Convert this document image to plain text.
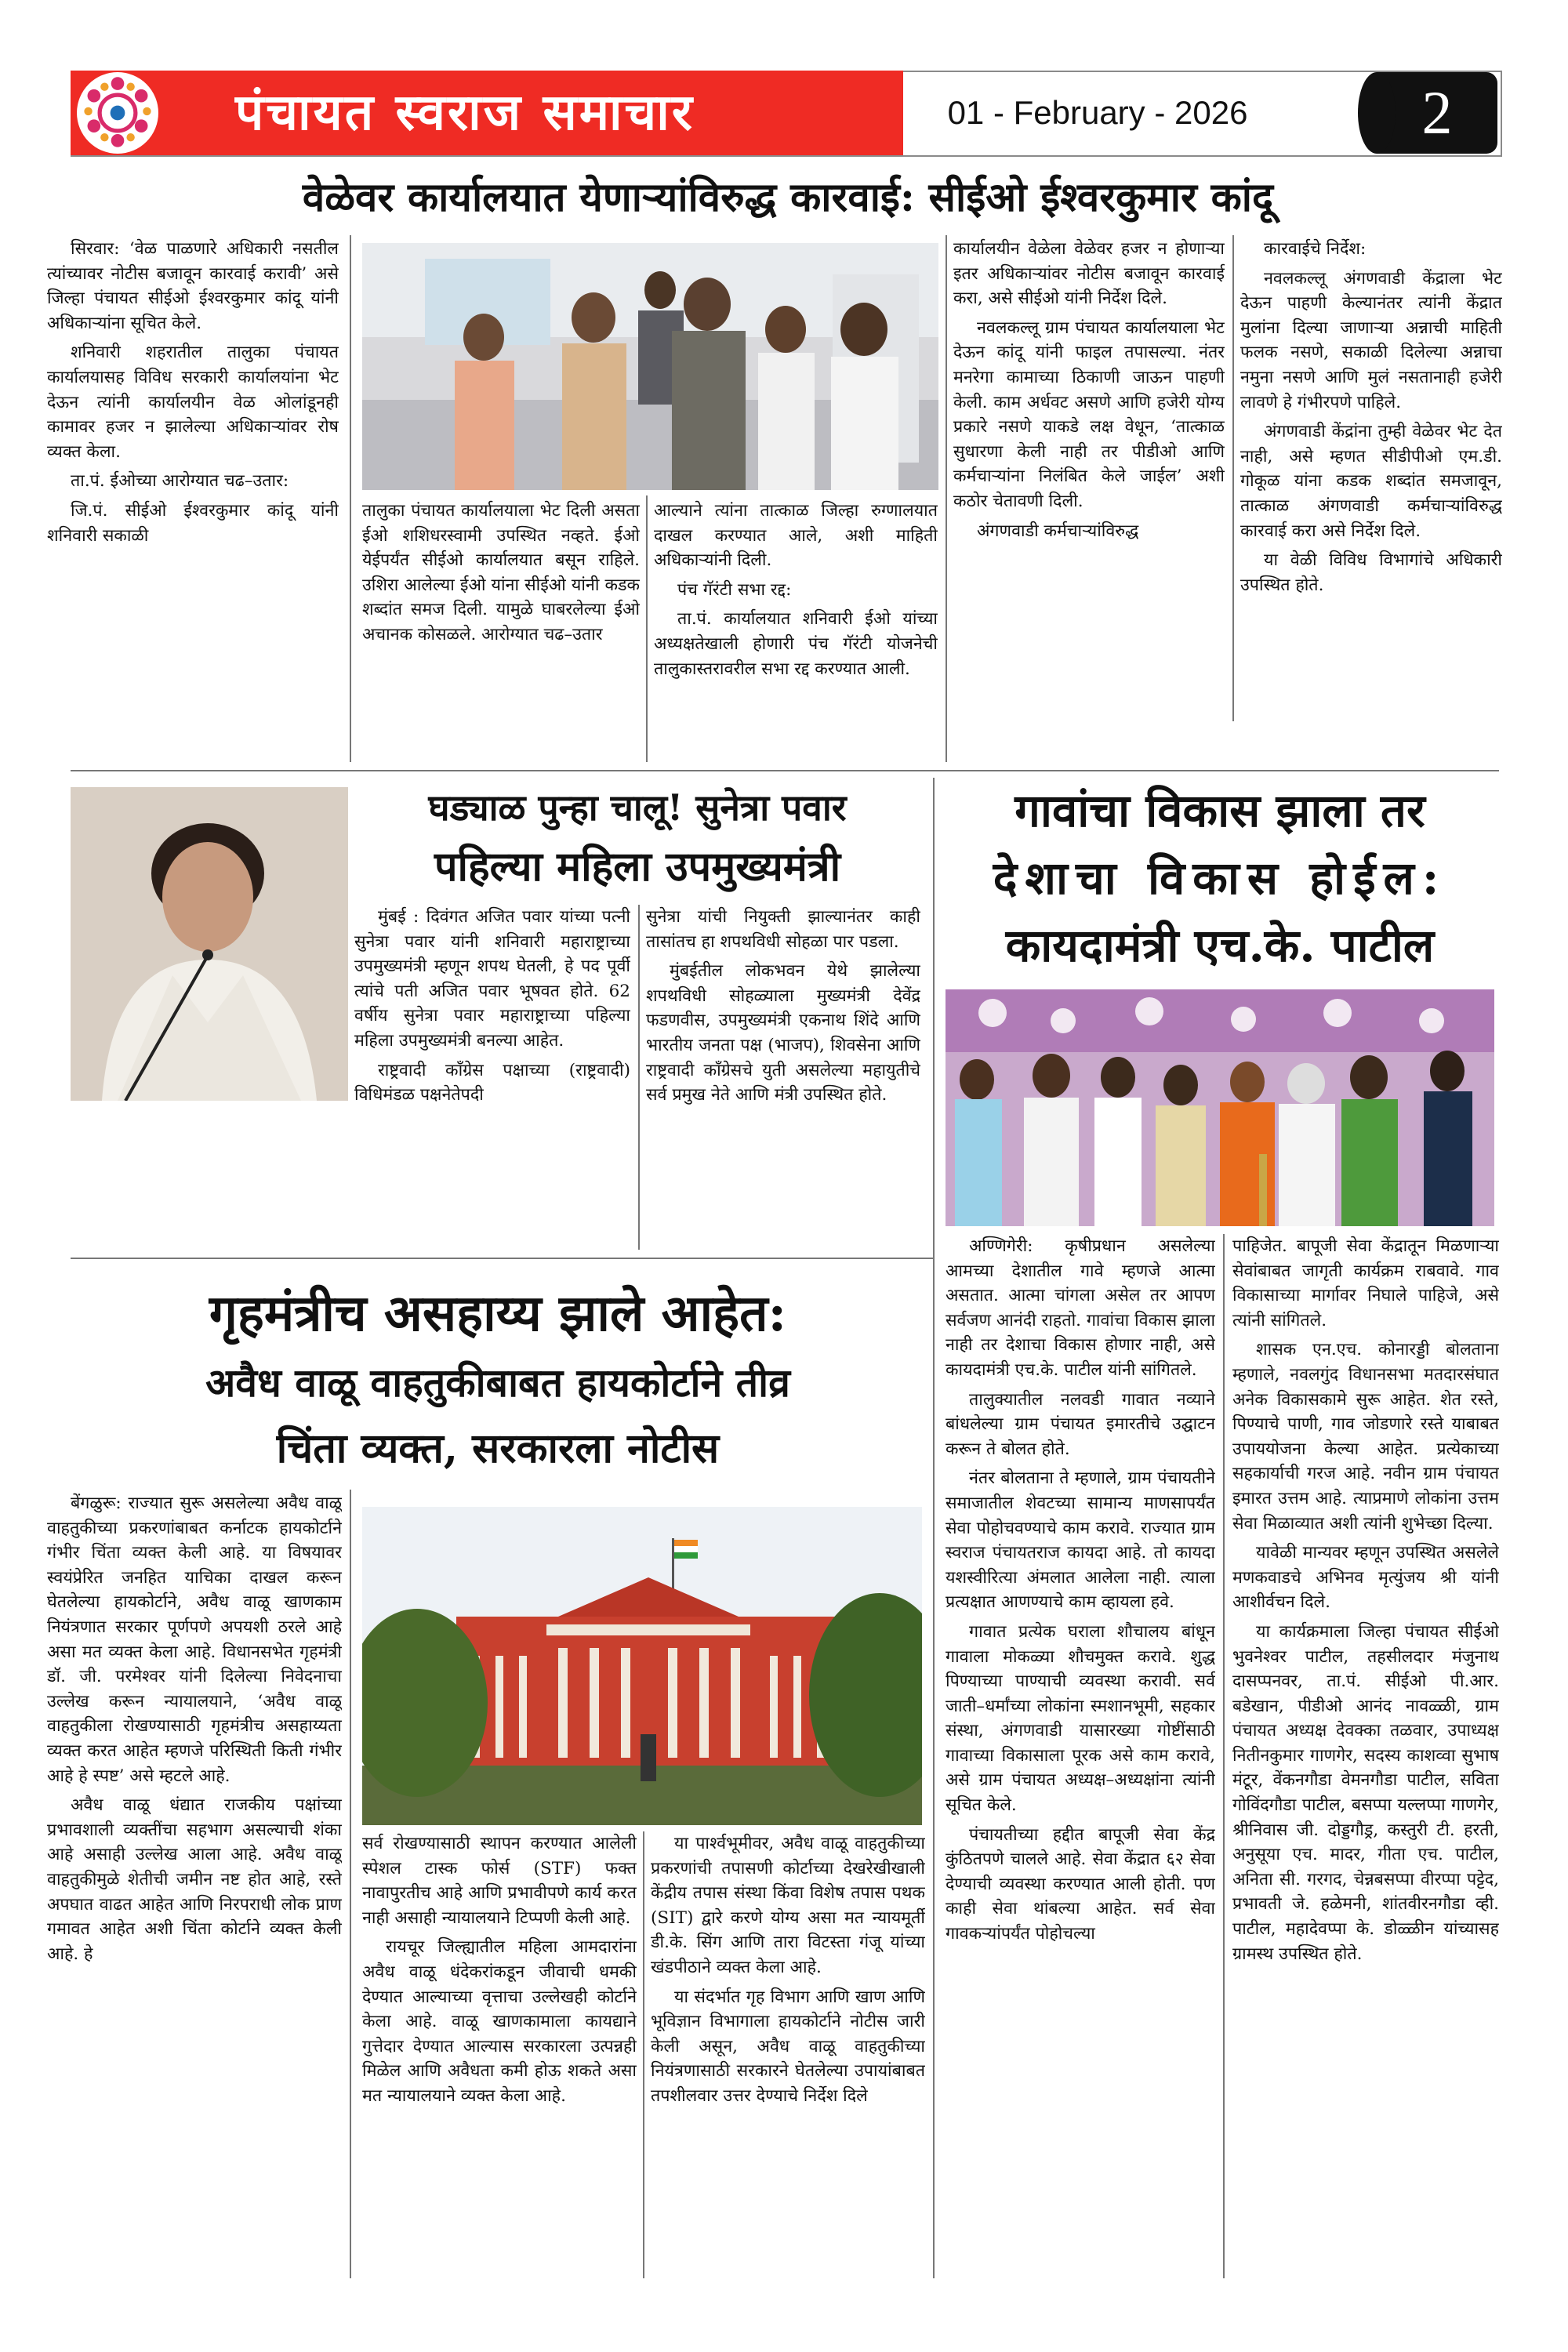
पंचायत स्वराज समाचार	01 - February - 2026	2
वेळेवर कार्यालयात येणाऱ्यांविरुद्ध कारवाई: सीईओ ईश्वरकुमार कांदू

सिरवार: ‘वेळ पाळणारे अधिकारी नसतील त्यांच्यावर नोटीस बजावून कारवाई करावी’ असे जिल्हा पंचायत सीईओ ईश्वरकुमार कांदू यांनी अधिकाऱ्यांना सूचित केले.

शनिवारी शहरातील तालुका पंचायत कार्यालयासह विविध सरकारी कार्यालयांना भेट देऊन त्यांनी कार्यालयीन वेळ ओलांडूनही कामावर हजर न झालेल्या अधिकाऱ्यांवर रोष व्यक्त केला.

ता.पं. ईओच्या आरोग्यात चढ–उतार:

जि.पं. सीईओ ईश्वरकुमार कांदू यांनी शनिवारी सकाळी

तालुका पंचायत कार्यालयाला भेट दिली असता ईओ शशिधरस्वामी उपस्थित नव्हते. ईओ येईपर्यंत सीईओ कार्यालयात बसून राहिले. उशिरा आलेल्या ईओ यांना सीईओ यांनी कडक शब्दांत समज दिली. यामुळे घाबरलेल्या ईओ अचानक कोसळले. आरोग्यात चढ–उतार

आल्याने त्यांना तात्काळ जिल्हा रुग्णालयात दाखल करण्यात आले, अशी माहिती अधिकाऱ्यांनी दिली.

पंच गॅरंटी सभा रद्द:

ता.पं. कार्यालयात शनिवारी ईओ यांच्या अध्यक्षतेखाली होणारी पंच गॅरंटी योजनेची तालुकास्तरावरील सभा रद्द करण्यात आली.

कार्यालयीन वेळेला वेळेवर हजर न होणाऱ्या इतर अधिकाऱ्यांवर नोटीस बजावून कारवाई करा, असे सीईओ यांनी निर्देश दिले.

नवलकल्लू ग्राम पंचायत कार्यालयाला भेट देऊन कांदू यांनी फाइल तपासल्या. नंतर मनरेगा कामाच्या ठिकाणी जाऊन पाहणी केली. काम अर्धवट असणे आणि हजेरी योग्य प्रकारे नसणे याकडे लक्ष वेधून, ‘तात्काळ सुधारणा केली नाही तर पीडीओ आणि कर्मचाऱ्यांना निलंबित केले जाईल’ अशी कठोर चेतावणी दिली.

अंगणवाडी कर्मचाऱ्यांविरुद्ध

कारवाईचे निर्देश:

नवलकल्लू अंगणवाडी केंद्राला भेट देऊन पाहणी केल्यानंतर त्यांनी केंद्रात मुलांना दिल्या जाणाऱ्या अन्नाची माहिती फलक नसणे, सकाळी दिलेल्या अन्नाचा नमुना नसणे आणि मुलं नसतानाही हजेरी लावणे हे गंभीरपणे पाहिले.

अंगणवाडी केंद्रांना तुम्ही वेळेवर भेट देत नाही, असे म्हणत सीडीपीओ एम.डी. गोकूळ यांना कडक शब्दांत समजावून, तात्काळ अंगणवाडी कर्मचाऱ्यांविरुद्ध कारवाई करा असे निर्देश दिले.

या वेळी विविध विभागांचे अधिकारी उपस्थित होते.

घड्याळ पुन्हा चालू! सुनेत्रा पवार
पहिल्या महिला उपमुख्यमंत्री

मुंबई : दिवंगत अजित पवार यांच्या पत्नी सुनेत्रा पवार यांनी शनिवारी महाराष्ट्राच्या उपमुख्यमंत्री म्हणून शपथ घेतली, हे पद पूर्वी त्यांचे पती अजित पवार भूषवत होते. 62 वर्षीय सुनेत्रा पवार महाराष्ट्राच्या पहिल्या महिला उपमुख्यमंत्री बनल्या आहेत.

राष्ट्रवादी काँग्रेस पक्षाच्या (राष्ट्रवादी) विधिमंडळ पक्षनेतेपदी

सुनेत्रा यांची नियुक्ती झाल्यानंतर काही तासांतच हा शपथविधी सोहळा पार पडला.

मुंबईतील लोकभवन येथे झालेल्या शपथविधी सोहळ्याला मुख्यमंत्री देवेंद्र फडणवीस, उपमुख्यमंत्री एकनाथ शिंदे आणि भारतीय जनता पक्ष (भाजप), शिवसेना आणि राष्ट्रवादी काँग्रेसचे युती असलेल्या महायुतीचे सर्व प्रमुख नेते आणि मंत्री उपस्थित होते.

गावांचा विकास झाला तर
देशाचा विकास होईल:
कायदामंत्री एच.के. पाटील

अण्णिगेरी: कृषीप्रधान असलेल्या आमच्या देशातील गावे म्हणजे आत्मा असतात. आत्मा चांगला असेल तर आपण सर्वजण आनंदी राहतो. गावांचा विकास झाला नाही तर देशाचा विकास होणार नाही, असे कायदामंत्री एच.के. पाटील यांनी सांगितले.

तालुक्यातील नलवडी गावात नव्याने बांधलेल्या ग्राम पंचायत इमारतीचे उद्घाटन करून ते बोलत होते.

नंतर बोलताना ते म्हणाले, ग्राम पंचायतीने समाजातील शेवटच्या सामान्य माणसापर्यंत सेवा पोहोचवण्याचे काम करावे. राज्यात ग्राम स्वराज पंचायतराज कायदा आहे. तो कायदा यशस्वीरित्या अंमलात आलेला नाही. त्याला प्रत्यक्षात आणण्याचे काम व्हायला हवे.

गावात प्रत्येक घराला शौचालय बांधून गावाला मोकळ्या शौचमुक्त करावे. शुद्ध पिण्याच्या पाण्याची व्यवस्था करावी. सर्व जाती–धर्मांच्या लोकांना स्मशानभूमी, सहकार संस्था, अंगणवाडी यासारख्या गोष्टींसाठी गावाच्या विकासाला पूरक असे काम करावे, असे ग्राम पंचायत अध्यक्ष–अध्यक्षांना त्यांनी सूचित केले.

पंचायतीच्या हद्दीत बापूजी सेवा केंद्र कुंठितपणे चालले आहे. सेवा केंद्रात ६२ सेवा देण्याची व्यवस्था करण्यात आली होती. पण काही सेवा थांबल्या आहेत. सर्व सेवा गावकऱ्यांपर्यंत पोहोचल्या

पाहिजेत. बापूजी सेवा केंद्रातून मिळणाऱ्या सेवांबाबत जागृती कार्यक्रम राबवावे. गाव विकासाच्या मार्गावर निघाले पाहिजे, असे त्यांनी सांगितले.

शासक एन.एच. कोनारड्डी बोलताना म्हणाले, नवलगुंद विधानसभा मतदारसंघात अनेक विकासकामे सुरू आहेत. शेत रस्ते, पिण्याचे पाणी, गाव जोडणारे रस्ते याबाबत उपाययोजना केल्या आहेत. प्रत्येकाच्या सहकार्याची गरज आहे. नवीन ग्राम पंचायत इमारत उत्तम आहे. त्याप्रमाणे लोकांना उत्तम सेवा मिळाव्यात अशी त्यांनी शुभेच्छा दिल्या.

यावेळी मान्यवर म्हणून उपस्थित असलेले मणकवाडचे अभिनव मृत्युंजय श्री यांनी आशीर्वचन दिले.

या कार्यक्रमाला जिल्हा पंचायत सीईओ भुवनेश्वर पाटील, तहसीलदार मंजुनाथ दासप्पनवर, ता.पं. सीईओ पी.आर. बडेखान, पीडीओ आनंद नावळ्ळी, ग्राम पंचायत अध्यक्ष देवक्का तळवार, उपाध्यक्ष नितीनकुमार गाणगेर, सदस्य काशव्वा सुभाष मंटूर, वेंकनगौडा वेमनगौडा पाटील, सविता गोविंदगौडा पाटील, बसप्पा यल्लप्पा गाणगेर, श्रीनिवास जी. दोड्डगौड्र, कस्तुरी टी. हरती, अनुसूया एच. मादर, गीता एच. पाटील, अनिता सी. गरगद, चेन्नबसप्पा वीरप्पा पट्टेद, प्रभावती जे. हळेमनी, शांतवीरनगौडा व्ही. पाटील, महादेवप्पा के. डोळ्ळीन यांच्यासह ग्रामस्थ उपस्थित होते.

गृहमंत्रीच असहाय्य झाले आहेत:
अवैध वाळू वाहतुकीबाबत हायकोर्टाने तीव्र
चिंता व्यक्त, सरकारला नोटीस

बेंगळुरू: राज्यात सुरू असलेल्या अवैध वाळू वाहतुकीच्या प्रकरणांबाबत कर्नाटक हायकोर्टाने गंभीर चिंता व्यक्त केली आहे. या विषयावर स्वयंप्रेरित जनहित याचिका दाखल करून घेतलेल्या हायकोर्टाने, अवैध वाळू खाणकाम नियंत्रणात सरकार पूर्णपणे अपयशी ठरले आहे असा मत व्यक्त केला आहे. विधानसभेत गृहमंत्री डॉ. जी. परमेश्वर यांनी दिलेल्या निवेदनाचा उल्लेख करून न्यायालयाने, ‘अवैध वाळू वाहतुकीला रोखण्यासाठी गृहमंत्रीच असहाय्यता व्यक्त करत आहेत म्हणजे परिस्थिती किती गंभीर आहे हे स्पष्ट’ असे म्हटले आहे.

अवैध वाळू धंद्यात राजकीय पक्षांच्या प्रभावशाली व्यक्तींचा सहभाग असल्याची शंका आहे असाही उल्लेख आला आहे. अवैध वाळू वाहतुकीमुळे शेतीची जमीन नष्ट होत आहे, रस्ते अपघात वाढत आहेत आणि निरपराधी लोक प्राण गमावत आहेत अशी चिंता कोर्टाने व्यक्त केली आहे. हे

सर्व रोखण्यासाठी स्थापन करण्यात आलेली स्पेशल टास्क फोर्स (STF) फक्त नावापुरतीच आहे आणि प्रभावीपणे कार्य करत नाही असाही न्यायालयाने टिप्पणी केली आहे.

रायचूर जिल्ह्यातील महिला आमदारांना अवैध वाळू धंदेकरांकडून जीवाची धमकी देण्यात आल्याच्या वृत्ताचा उल्लेखही कोर्टाने केला आहे. वाळू खाणकामाला कायद्याने गुत्तेदार देण्यात आल्यास सरकारला उत्पन्नही मिळेल आणि अवैधता कमी होऊ शकते असा मत न्यायालयाने व्यक्त केला आहे.

या पार्श्वभूमीवर, अवैध वाळू वाहतुकीच्या प्रकरणांची तपासणी कोर्टाच्या देखरेखीखाली केंद्रीय तपास संस्था किंवा विशेष तपास पथक (SIT) द्वारे करणे योग्य असा मत न्यायमूर्ती डी.के. सिंग आणि तारा विटस्ता गंजू यांच्या खंडपीठाने व्यक्त केला आहे.

या संदर्भात गृह विभाग आणि खाण आणि भूविज्ञान विभागाला हायकोर्टाने नोटीस जारी केली असून, अवैध वाळू वाहतुकीच्या नियंत्रणासाठी सरकारने घेतलेल्या उपायांबाबत तपशीलवार उत्तर देण्याचे निर्देश दिले
